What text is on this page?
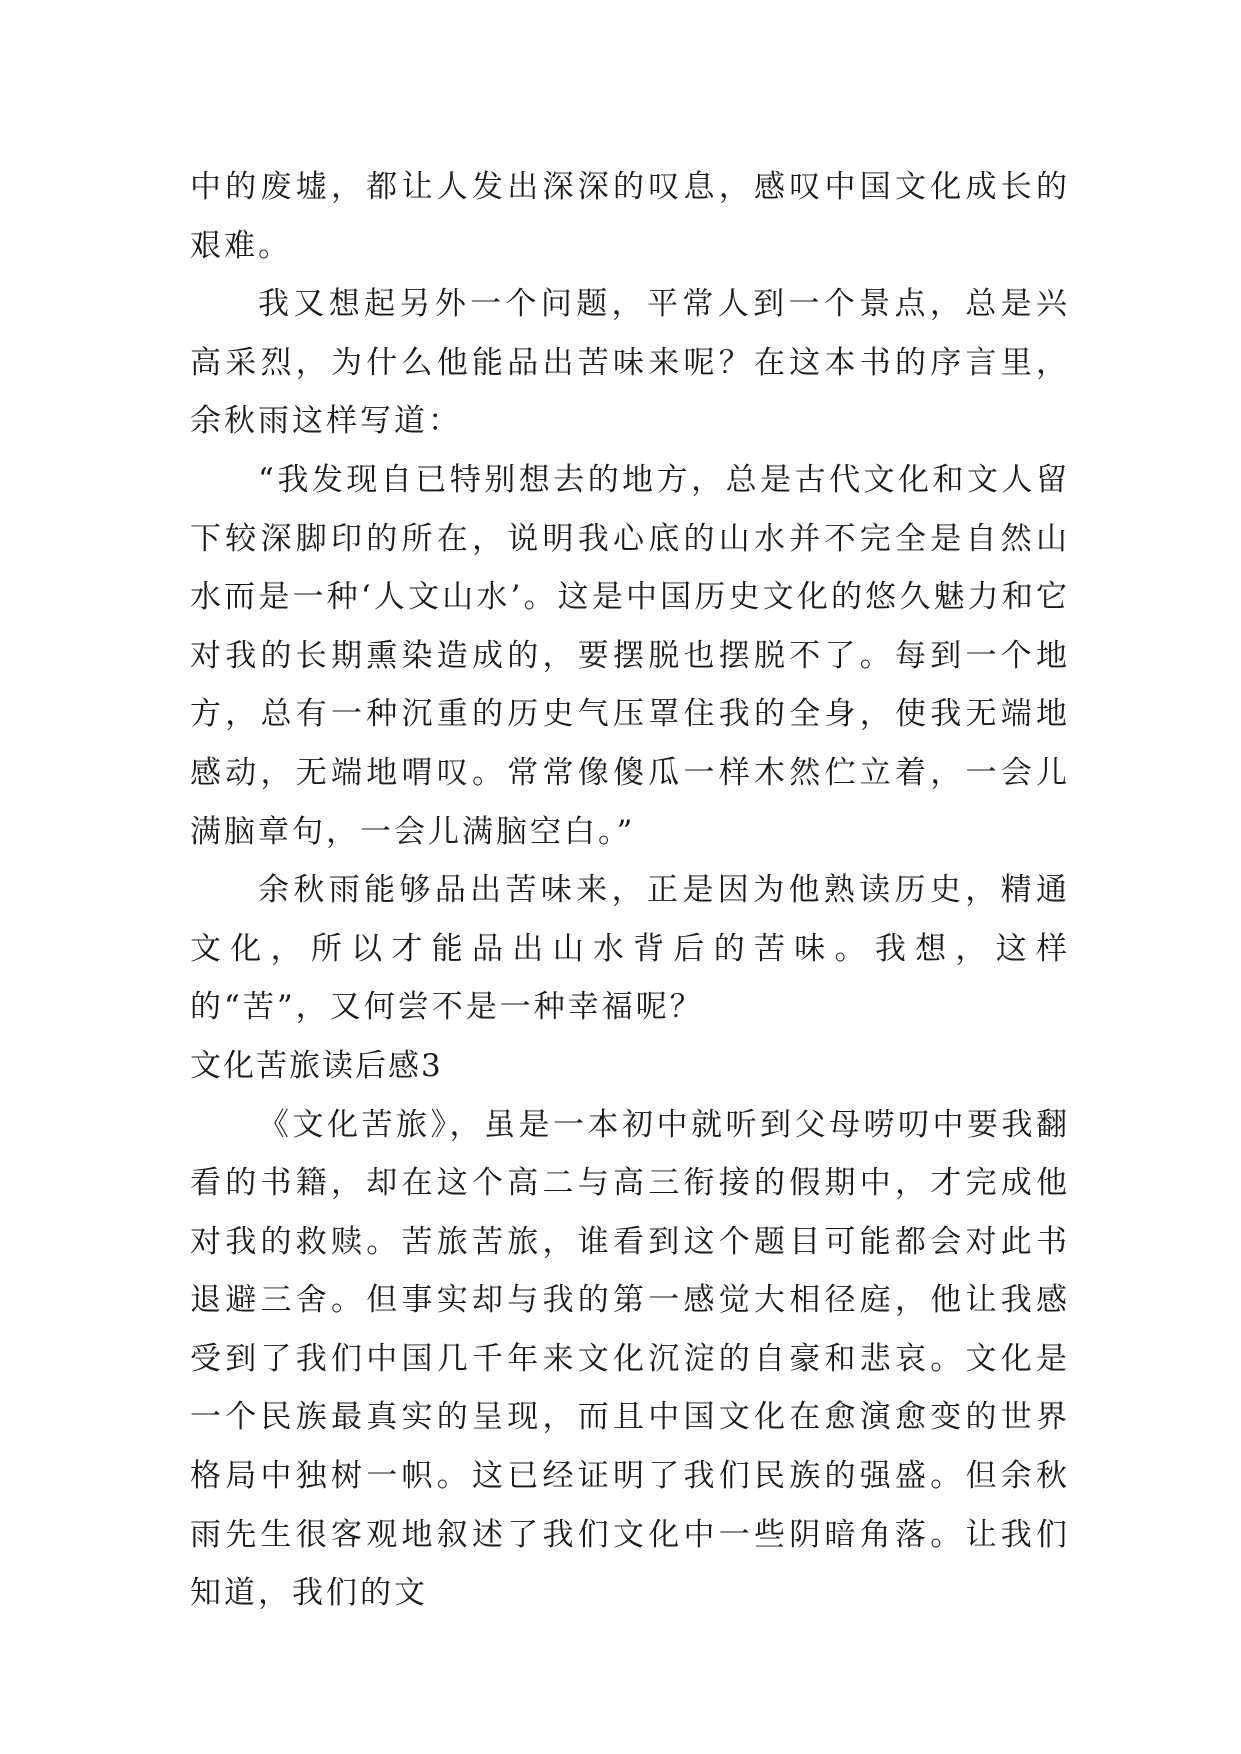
中的废墟，都让人发出深深的叹息，感叹中国文化成长的艰难。

我又想起另外一个问题，平常人到一个景点，总是兴高采烈，为什么他能品出苦味来呢？在这本书的序言里，余秋雨这样写道：

“我发现自已特别想去的地方，总是古代文化和文人留下较深脚印的所在，说明我心底的山水并不完全是自然山水而是一种‘人文山水’。这是中国历史文化的悠久魅力和它对我的长期熏染造成的，要摆脱也摆脱不了。每到一个地方，总有一种沉重的历史气压罩住我的全身，使我无端地感动，无端地喟叹。常常像傻瓜一样木然伫立着，一会儿满脑章句，一会儿满脑空白。”

余秋雨能够品出苦味来，正是因为他熟读历史，精通文化，所以才能品出山水背后的苦味。我想，这样的“苦”，又何尝不是一种幸福呢？

文化苦旅读后感3

《文化苦旅》，虽是一本初中就听到父母唠叨中要我翻看的书籍，却在这个高二与高三衔接的假期中，才完成他对我的救赎。苦旅苦旅，谁看到这个题目可能都会对此书退避三舍。但事实却与我的第一感觉大相径庭，他让我感受到了我们中国几千年来文化沉淀的自豪和悲哀。文化是一个民族最真实的呈现，而且中国文化在愈演愈变的世界格局中独树一帜。这已经证明了我们民族的强盛。但余秋雨先生很客观地叙述了我们文化中一些阴暗角落。让我们知道，我们的文
